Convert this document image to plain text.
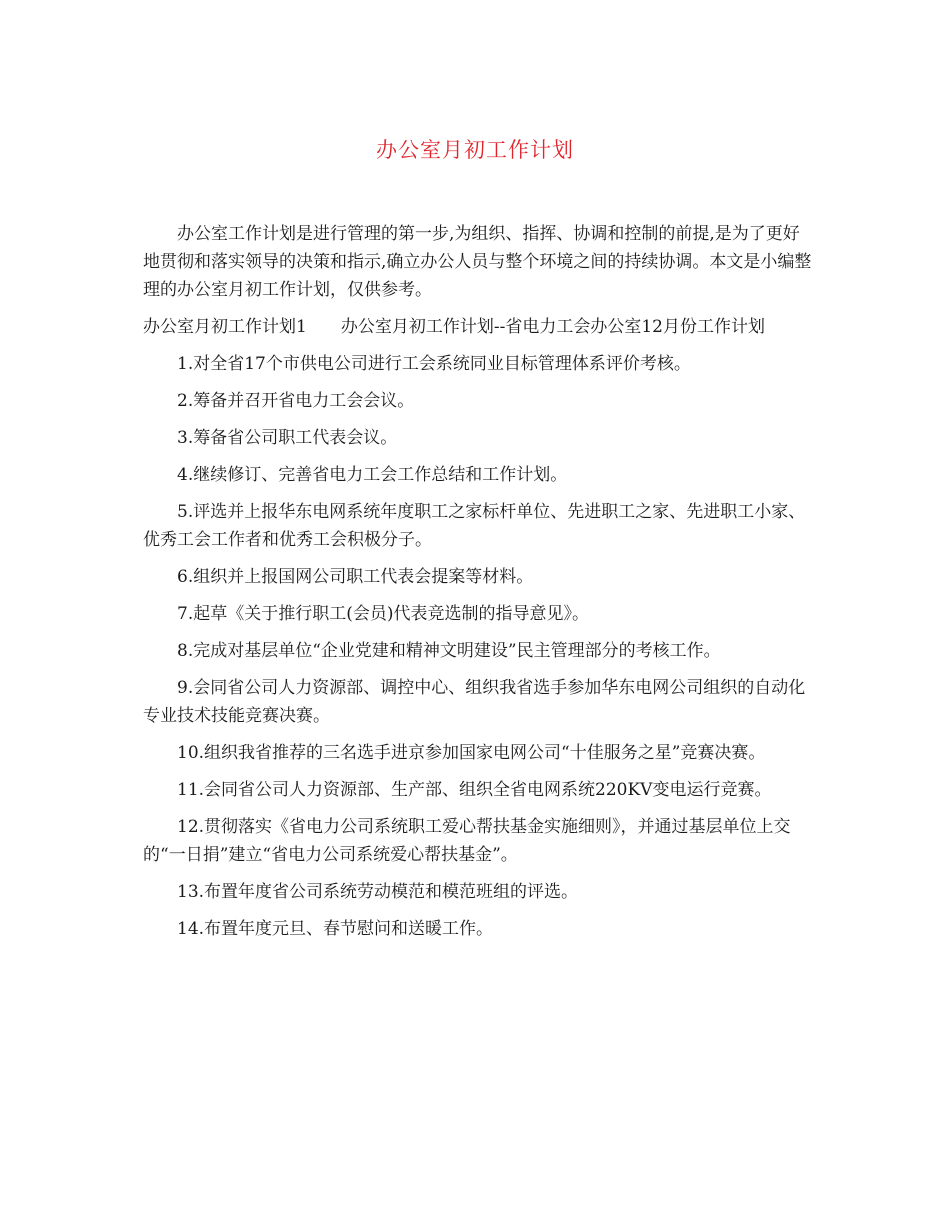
办公室月初工作计划

办公室工作计划是进行管理的第一步,为组织、指挥、协调和控制的前提,是为了更好地贯彻和落实领导的决策和指示,确立办公人员与整个环境之间的持续协调。本文是小编整理的办公室月初工作计划，仅供参考。

办公室月初工作计划1 办公室月初工作计划--省电力工会办公室12月份工作计划

1.对全省17个市供电公司进行工会系统同业目标管理体系评价考核。

2.筹备并召开省电力工会会议。

3.筹备省公司职工代表会议。

4.继续修订、完善省电力工会工作总结和工作计划。

5.评选并上报华东电网系统年度职工之家标杆单位、先进职工之家、先进职工小家、优秀工会工作者和优秀工会积极分子。

6.组织并上报国网公司职工代表会提案等材料。

7.起草《关于推行职工(会员)代表竞选制的指导意见》。

8.完成对基层单位“企业党建和精神文明建设”民主管理部分的考核工作。

9.会同省公司人力资源部、调控中心、组织我省选手参加华东电网公司组织的自动化专业技术技能竞赛决赛。

10.组织我省推荐的三名选手进京参加国家电网公司“十佳服务之星”竞赛决赛。

11.会同省公司人力资源部、生产部、组织全省电网系统220KV变电运行竞赛。

12.贯彻落实《省电力公司系统职工爱心帮扶基金实施细则》，并通过基层单位上交的“一日捐”建立“省电力公司系统爱心帮扶基金”。

13.布置年度省公司系统劳动模范和模范班组的评选。

14.布置年度元旦、春节慰问和送暖工作。
